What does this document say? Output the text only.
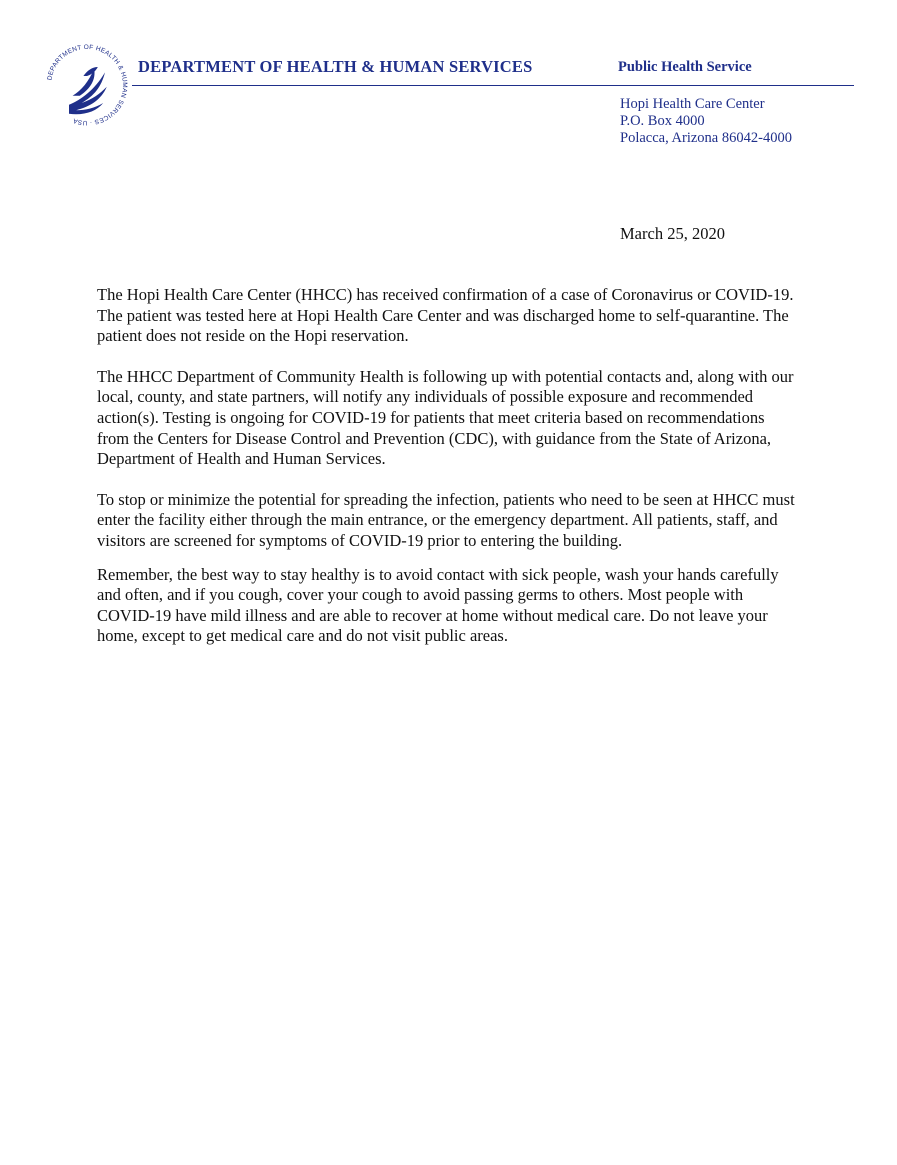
DEPARTMENT OF HEALTH & HUMAN SERVICES · USA
DEPARTMENT OF HEALTH & HUMAN SERVICES	Public Health Service
Hopi Health Care Center
P.O. Box 4000
Polacca, Arizona 86042-4000
March 25, 2020

The Hopi Health Care Center (HHCC) has received confirmation of a case of Coronavirus or COVID-19. The patient was tested here at Hopi Health Care Center and was discharged home to self-quarantine. The patient does not reside on the Hopi reservation.

The HHCC Department of Community Health is following up with potential contacts and, along with our local, county, and state partners, will notify any individuals of possible exposure and recommended action(s). Testing is ongoing for COVID-19 for patients that meet criteria based on recommendations from the Centers for Disease Control and Prevention (CDC), with guidance from the State of Arizona, Department of Health and Human Services.

To stop or minimize the potential for spreading the infection, patients who need to be seen at HHCC must enter the facility either through the main entrance, or the emergency department. All patients, staff, and visitors are screened for symptoms of COVID-19 prior to entering the building.

Remember, the best way to stay healthy is to avoid contact with sick people, wash your hands carefully and often, and if you cough, cover your cough to avoid passing germs to others. Most people with COVID-19 have mild illness and are able to recover at home without medical care. Do not leave your home, except to get medical care and do not visit public areas.
